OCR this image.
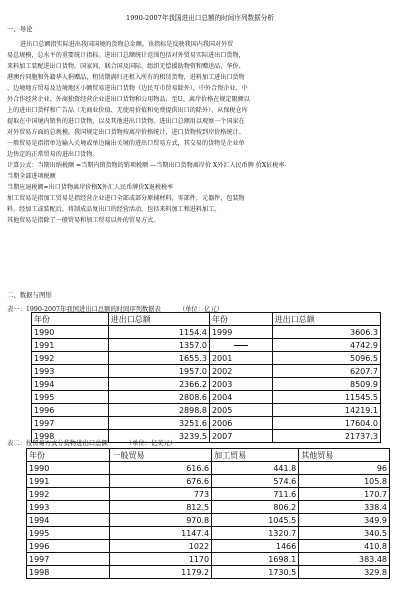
1990-2007年我国进出口总额的时间序列数据分析
一、导论
进出口总额指实际进出我国国境的货物总金额。该指标是反映我国内我国对外贸
易总规模，总水平的重要统计指标。进出口总额统计范围包括对外贸易实际进出口货物，
来料加工装配进出口货物，国家间、联合国及国际、组织无偿援助物资和赠送品，华侨、
港澳台同胞和外籍华人捐赠品，租赁期满归还租入所有的租赁货物，进料加工进出口货物
、边境地方贸易及边境地区小额贸易进出口货物（边民互市贸易除外），中外合资企业、中
外合作经营企业、外商独资经营企业进出口货物和公用物品，至U、离岸价格在规定限额以
上的进出口货样和广告品（无商业价值、无使用价值和免费提供出口的除外），从保税仓库
提取在中国境内销售的进口货物，以及其他进出口货物。进出口总额用以观察一个国家在
对外贸易方面的总规模。我国规定出口货物按离岸价格统计，进口货物按到岸价格统计。
一般贸易是指指单边输入关境或单边输出关境的进出口贸易方式，其交易的货物是企业单
边售定的正常贸易的进出口货物。
计算公式：当期出纳税额 =当期内销货物的销项税额 —当期出口货物离岸价 X外汇人民币牌 价X征税率-
当期全部进项税额
当期应退税额=出口货物离岸价格X外汇人民币牌价X退税税率
加工贸易是指加工贸易是指经营企业进口全部或部分原辅材料，零部件，元器件，包装物
料，经加工或装配后，将制成品复出口的经营活动，包括来料加工和进料加工。
其他贸易是指除了一般贸易和加工贸易以外的贸易方式。
二、数据与图形
表一：1990-2007年我国进出口总额的时间序列数据表	（单位：亿元）
年份	进出口总额	年份	进出口总额
1990	1154.4	1999	3606.3
1991	1357.0		4742.9
1992	1655.3	2001	5096.5
1993	1957.0	2002	6207.7
1994	2366.2	2003	8509.9
1995	2808.6	2004	11545.5
1996	2898.8	2005	14219.1
1997	3251.6	2006	17604.0
1998	3239.5	2007	21737.3
表二：按贸易方式分货物进出口总额	（单位：亿美元）
年份	一般贸易	加工贸易	其他贸易
1990	616.6	441.8	96
1991	676.6	574.6	105.8
1992	773	711.6	170.7
1993	812.5	806.2	338.4
1994	970.8	1045.5	349.9
1995	1147.4	1320.7	340.5
1996	1022	1466	410.8
1997	1170	1698.1	383.48
1998	1179.2	1730.5	329.8
